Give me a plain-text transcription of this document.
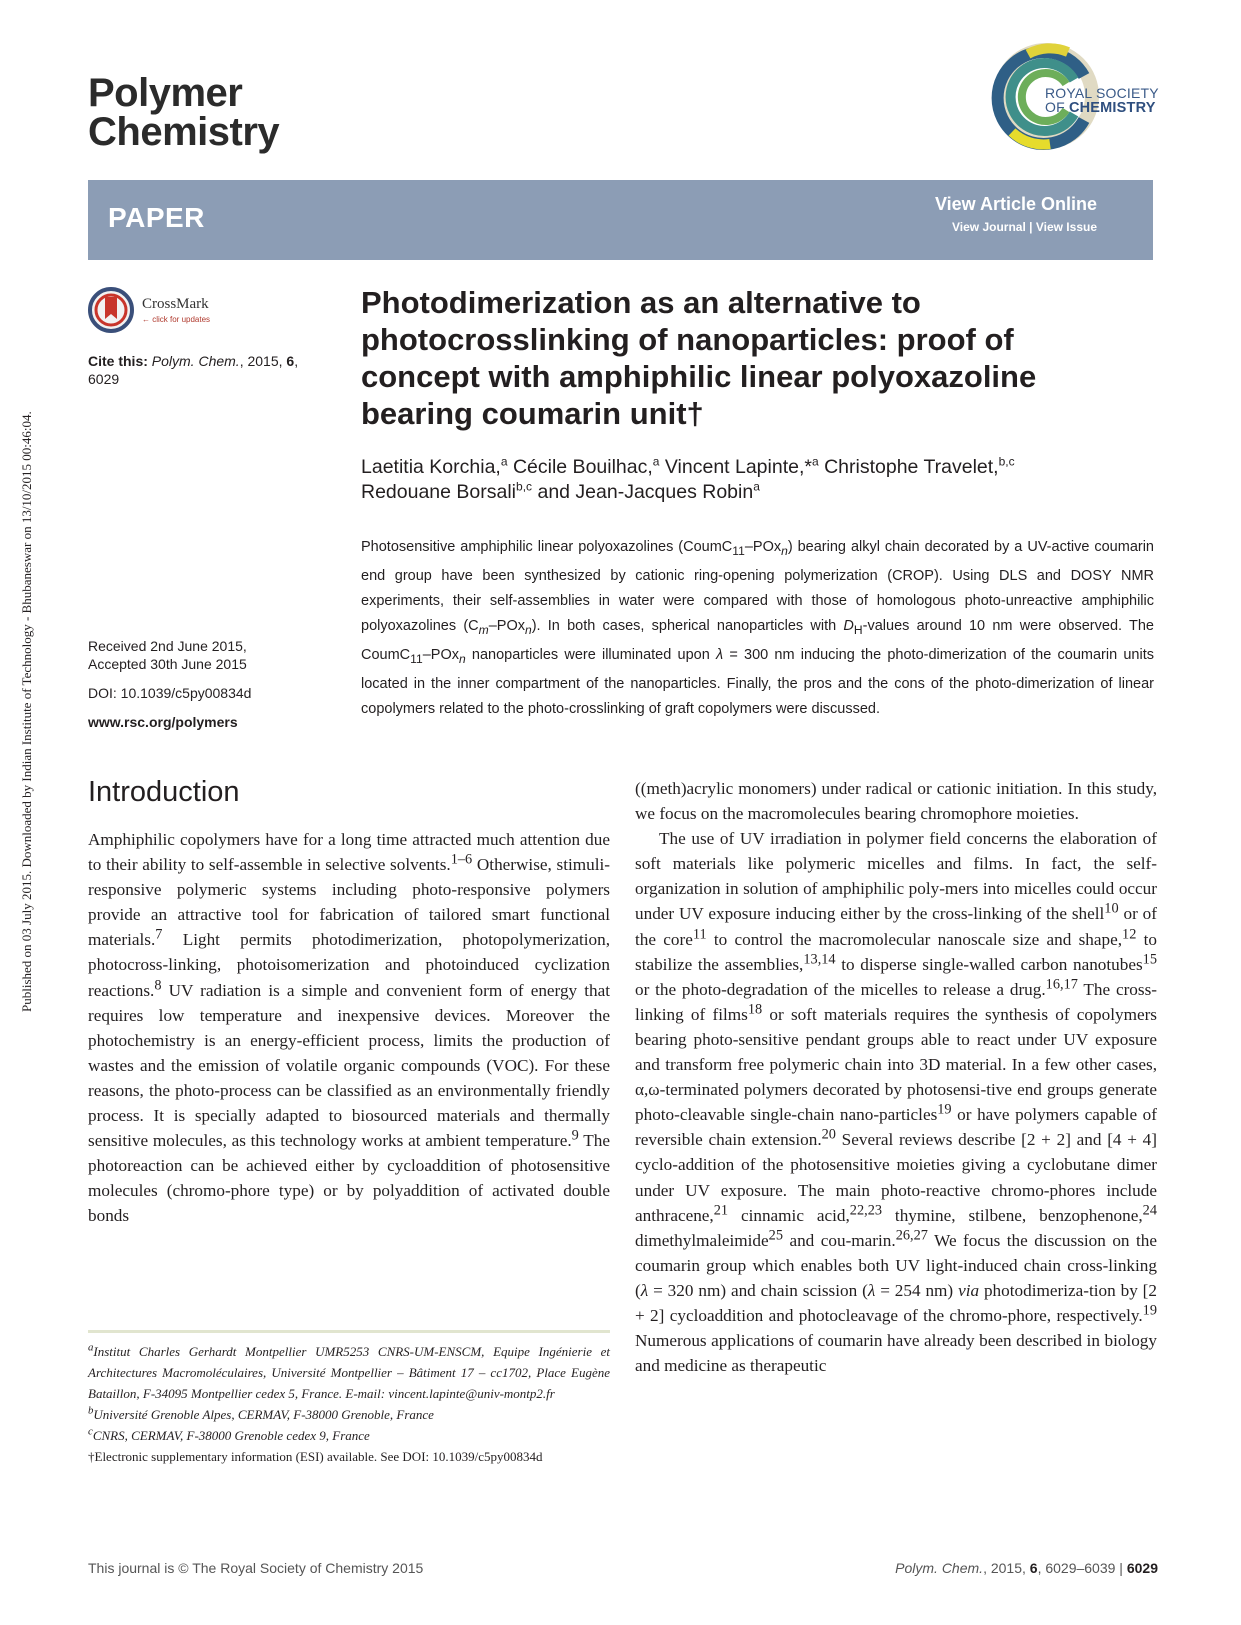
Published on 03 July 2015. Downloaded by Indian Institute of Technology - Bhubaneswar on 13/10/2015 00:46:04.
Polymer
Chemistry
ROYAL SOCIETY
OF CHEMISTRY
PAPER	View Article Online
View Journal | View Issue
CrossMark
← click for updates
Cite this: Polym. Chem., 2015, 6,
6029
Received 2nd June 2015,
Accepted 30th June 2015
DOI: 10.1039/c5py00834d
www.rsc.org/polymers
Photodimerization as an alternative to photocrosslinking of nanoparticles: proof of concept with amphiphilic linear polyoxazoline bearing coumarin unit†
Laetitia Korchia,$^a$ Cécile Bouilhac,$^a$ Vincent Lapinte,*$^a$ Christophe Travelet,$^{b,c}$
Redouane Borsali$^{b,c}$ and Jean-Jacques Robin$^a$
Photosensitive amphiphilic linear polyoxazolines (CoumC$_{11}$–POx$_n$) bearing alkyl chain decorated by a UV-active coumarin end group have been synthesized by cationic ring-opening polymerization (CROP). Using DLS and DOSY NMR experiments, their self-assemblies in water were compared with those of homologous photo-unreactive amphiphilic polyoxazolines $(C_m-POx_n)$. In both cases, spherical nanoparticles with $D_H$-values around 10 nm were observed. The CoumC$_{11}$–POx$_n$ nanoparticles were illuminated upon λ = 300 nm inducing the photo-dimerization of the coumarin units located in the inner compartment of the nanoparticles. Finally, the pros and the cons of the photo-dimerization of linear copolymers related to the photo-crosslinking of graft copolymers were discussed.
Introduction

Amphiphilic copolymers have for a long time attracted much attention due to their ability to self-assemble in selective solvents.$^{1-6}$ Otherwise, stimuli-responsive polymeric systems including photo-responsive polymers provide an attractive tool for fabrication of tailored smart functional materials.$^7$ Light permits photodimerization, photopolymerization, photocross-linking, photoisomerization and photoinduced cyclization reactions.$^8$ UV radiation is a simple and convenient form of energy that requires low temperature and inexpensive devices. Moreover the photochemistry is an energy-efficient process, limits the production of wastes and the emission of volatile organic compounds (VOC). For these reasons, the photo-process can be classified as an environmentally friendly process. It is specially adapted to biosourced materials and thermally sensitive molecules, as this technology works at ambient temperature.$^9$ The photoreaction can be achieved either by cycloaddition of photosensitive molecules (chromo-phore type) or by polyaddition of activated double bonds

((meth)acrylic monomers) under radical or cationic initiation. In this study, we focus on the macromolecules bearing chromophore moieties.

The use of UV irradiation in polymer field concerns the elaboration of soft materials like polymeric micelles and films. In fact, the self-organization in solution of amphiphilic poly-mers into micelles could occur under UV exposure inducing either by the cross-linking of the shell$^{10}$ or of the core$^{11}$ to control the macromolecular nanoscale size and shape,$^{12}$ to stabilize the assemblies,$^{13,14}$ to disperse single-walled carbon nanotubes$^{15}$ or the photo-degradation of the micelles to release a drug.$^{16,17}$ The cross-linking of films$^{18}$ or soft materials requires the synthesis of copolymers bearing photo-sensitive pendant groups able to react under UV exposure and transform free polymeric chain into 3D material. In a few other cases, α,ω-terminated polymers decorated by photosensi-tive end groups generate photo-cleavable single-chain nano-particles$^{19}$ or have polymers capable of reversible chain extension.$^{20}$ Several reviews describe [2 + 2] and [4 + 4] cyclo-addition of the photosensitive moieties giving a cyclobutane dimer under UV exposure. The main photo-reactive chromo-phores include anthracene,$^{21}$ cinnamic acid,$^{22,23}$ thymine, stilbene, benzophenone,$^{24}$ dimethylmaleimide$^{25}$ and cou-marin.$^{26,27}$ We focus the discussion on the coumarin group which enables both UV light-induced chain cross-linking (λ = 320 nm) and chain scission (λ = 254 nm) via photodimeriza-tion by [2 + 2] cycloaddition and photocleavage of the chromo-phore, respectively.$^{19}$ Numerous applications of coumarin have already been described in biology and medicine as therapeutic

$^a$Institut Charles Gerhardt Montpellier UMR5253 CNRS-UM-ENSCM, Equipe Ingénierie et Architectures Macromoléculaires, Université Montpellier – Bâtiment 17 – cc1702, Place Eugène Bataillon, F-34095 Montpellier cedex 5, France. E-mail: vincent.lapinte@univ-montp2.fr

$^b$Université Grenoble Alpes, CERMAV, F-38000 Grenoble, France

$^c$CNRS, CERMAV, F-38000 Grenoble cedex 9, France

†Electronic supplementary information (ESI) available. See DOI: 10.1039/c5py00834d

This journal is © The Royal Society of Chemistry 2015	Polym. Chem., 2015, 6, 6029–6039 | 6029
